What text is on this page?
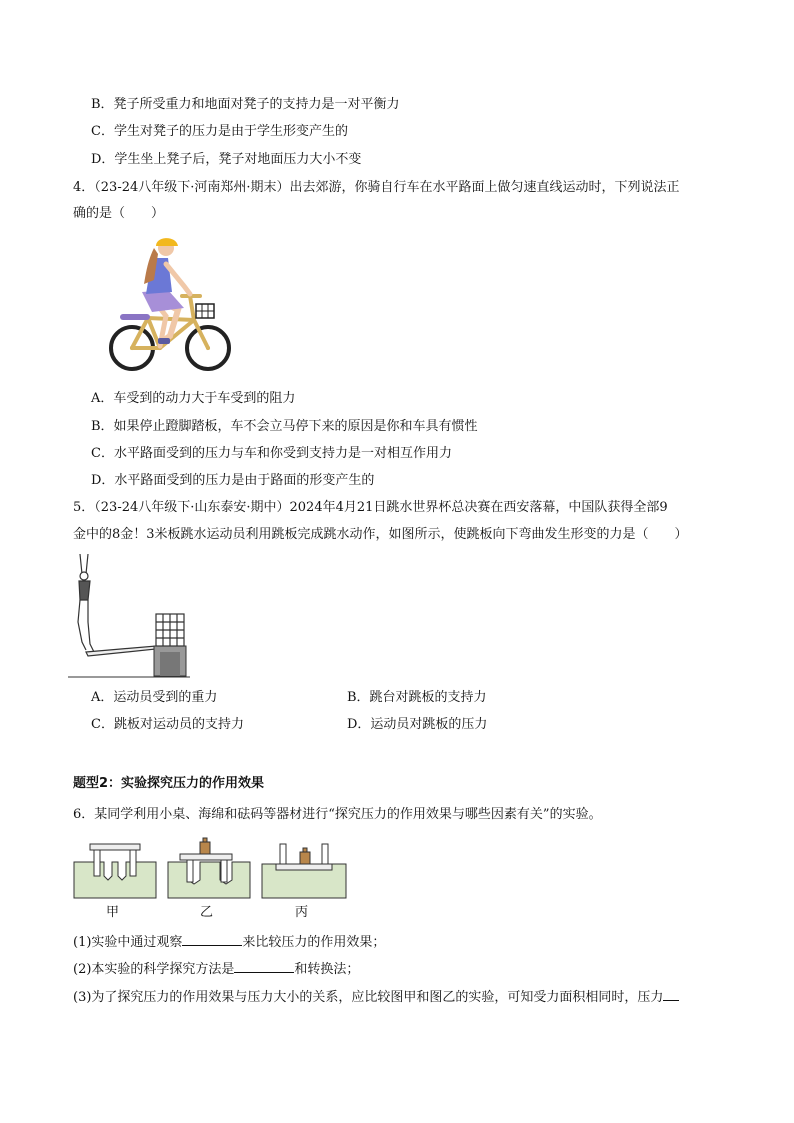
B．凳子所受重力和地面对凳子的支持力是一对平衡力
C．学生对凳子的压力是由于学生形变产生的
D．学生坐上凳子后，凳子对地面压力大小不变
4．（23-24八年级下·河南郑州·期末）出去郊游，你骑自行车在水平路面上做匀速直线运动时，下列说法正
确的是（　　）
A．车受到的动力大于车受到的阻力
B．如果停止蹬脚踏板，车不会立马停下来的原因是你和车具有惯性
C．水平路面受到的压力与车和你受到支持力是一对相互作用力
D．水平路面受到的压力是由于路面的形变产生的
5．（23-24八年级下·山东泰安·期中）2024年4月21日跳水世界杯总决赛在西安落幕，中国队获得全部9
金中的8金！3米板跳水运动员利用跳板完成跳水动作，如图所示，使跳板向下弯曲发生形变的力是（　　）
A．运动员受到的重力	B．跳台对跳板的支持力
C．跳板对运动员的支持力	D．运动员对跳板的压力
题型2：实验探究压力的作用效果
6．某同学利用小桌、海绵和砝码等器材进行“探究压力的作用效果与哪些因素有关”的实验。
甲	乙	丙
(1)实验中通过观察	来比较压力的作用效果；
(2)本实验的科学探究方法是	和转换法；
(3)为了探究压力的作用效果与压力大小的关系，应比较图甲和图乙的实验，可知受力面积相同时，压力
